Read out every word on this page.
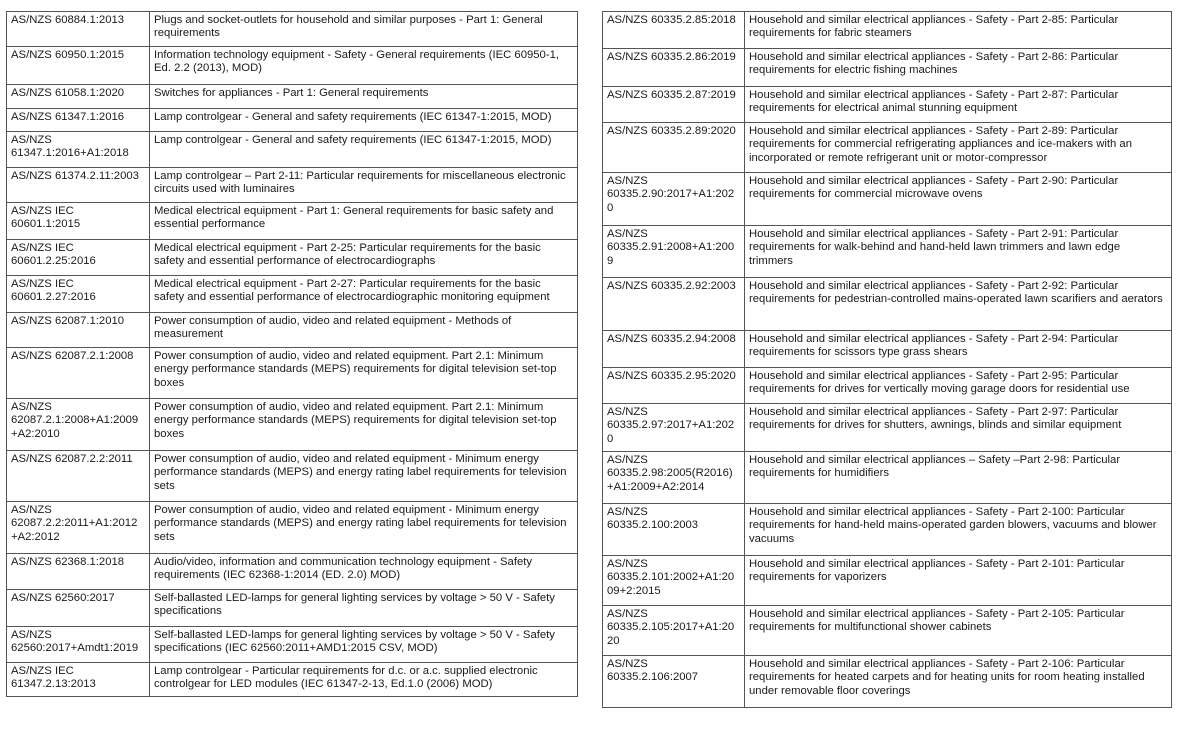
AS/NZS 60884.1:2013	Plugs and socket-outlets for household and similar purposes - Part 1: General requirements
AS/NZS 60950.1:2015	Information technology equipment - Safety - General requirements (IEC 60950-1, Ed. 2.2 (2013), MOD)
AS/NZS 61058.1:2020	Switches for appliances - Part 1: General requirements
AS/NZS 61347.1:2016	Lamp controlgear - General and safety requirements (IEC 61347-1:2015, MOD)
AS/NZS 61347.1:2016+A1:2018	Lamp controlgear - General and safety requirements (IEC 61347-1:2015, MOD)
AS/NZS 61374.2.11:2003	Lamp controlgear – Part 2-11: Particular requirements for miscellaneous electronic circuits used with luminaires
AS/NZS IEC 60601.1:2015	Medical electrical equipment - Part 1: General requirements for basic safety and essential performance
AS/NZS IEC 60601.2.25:2016	Medical electrical equipment - Part 2-25: Particular requirements for the basic safety and essential performance of electrocardiographs
AS/NZS IEC 60601.2.27:2016	Medical electrical equipment - Part 2-27: Particular requirements for the basic safety and essential performance of electrocardiographic monitoring equipment
AS/NZS 62087.1:2010	Power consumption of audio, video and related equipment - Methods of measurement
AS/NZS 62087.2.1:2008	Power consumption of audio, video and related equipment. Part 2.1: Minimum energy performance standards (MEPS) requirements for digital television set-top boxes
AS/NZS 62087.2.1:2008+A1:2009 +A2:2010	Power consumption of audio, video and related equipment. Part 2.1: Minimum energy performance standards (MEPS) requirements for digital television set-top boxes
AS/NZS 62087.2.2:2011	Power consumption of audio, video and related equipment - Minimum energy performance standards (MEPS) and energy rating label requirements for television sets
AS/NZS 62087.2.2:2011+A1:2012 +A2:2012	Power consumption of audio, video and related equipment - Minimum energy performance standards (MEPS) and energy rating label requirements for television sets
AS/NZS 62368.1:2018	Audio/video, information and communication technology equipment - Safety requirements (IEC 62368-1:2014 (ED. 2.0) MOD)
AS/NZS 62560:2017	Self-ballasted LED-lamps for general lighting services by voltage > 50 V - Safety specifications
AS/NZS 62560:2017+Amdt1:2019	Self-ballasted LED-lamps for general lighting services by voltage > 50 V - Safety specifications (IEC 62560:2011+AMD1:2015 CSV, MOD)
AS/NZS IEC 61347.2.13:2013	Lamp controlgear - Particular requirements for d.c. or a.c. supplied electronic controlgear for LED modules (IEC 61347-2-13, Ed.1.0 (2006) MOD)
AS/NZS 60335.2.85:2018	Household and similar electrical appliances - Safety - Part 2-85: Particular requirements for fabric steamers
AS/NZS 60335.2.86:2019	Household and similar electrical appliances - Safety - Part 2-86: Particular requirements for electric fishing machines
AS/NZS 60335.2.87:2019	Household and similar electrical appliances - Safety - Part 2-87: Particular requirements for electrical animal stunning equipment
AS/NZS 60335.2.89:2020	Household and similar electrical appliances - Safety - Part 2-89: Particular requirements for commercial refrigerating appliances and ice-makers with an incorporated or remote refrigerant unit or motor-compressor
AS/NZS 60335.2.90:2017+A1:2020	Household and similar electrical appliances - Safety - Part 2-90: Particular requirements for commercial microwave ovens
AS/NZS 60335.2.91:2008+A1:2009	Household and similar electrical appliances - Safety - Part 2-91: Particular requirements for walk-behind and hand-held lawn trimmers and lawn edge trimmers
AS/NZS 60335.2.92:2003	Household and similar electrical appliances - Safety - Part 2-92: Particular requirements for pedestrian-controlled mains-operated lawn scarifiers and aerators
AS/NZS 60335.2.94:2008	Household and similar electrical appliances - Safety - Part 2-94: Particular requirements for scissors type grass shears
AS/NZS 60335.2.95:2020	Household and similar electrical appliances - Safety - Part 2-95: Particular requirements for drives for vertically moving garage doors for residential use
AS/NZS 60335.2.97:2017+A1:2020	Household and similar electrical appliances - Safety - Part 2-97: Particular requirements for drives for shutters, awnings, blinds and similar equipment
AS/NZS 60335.2.98:2005(R2016) +A1:2009+A2:2014	Household and similar electrical appliances – Safety –Part 2-98: Particular requirements for humidifiers
AS/NZS 60335.2.100:2003	Household and similar electrical appliances - Safety - Part 2-100: Particular requirements for hand-held mains-operated garden blowers, vacuums and blower vacuums
AS/NZS 60335.2.101:2002+A1:2009+2:2015	Household and similar electrical appliances - Safety - Part 2-101: Particular requirements for vaporizers
AS/NZS 60335.2.105:2017+A1:2020	Household and similar electrical appliances - Safety - Part 2-105: Particular requirements for multifunctional shower cabinets
AS/NZS 60335.2.106:2007	Household and similar electrical appliances - Safety - Part 2-106: Particular requirements for heated carpets and for heating units for room heating installed under removable floor coverings
